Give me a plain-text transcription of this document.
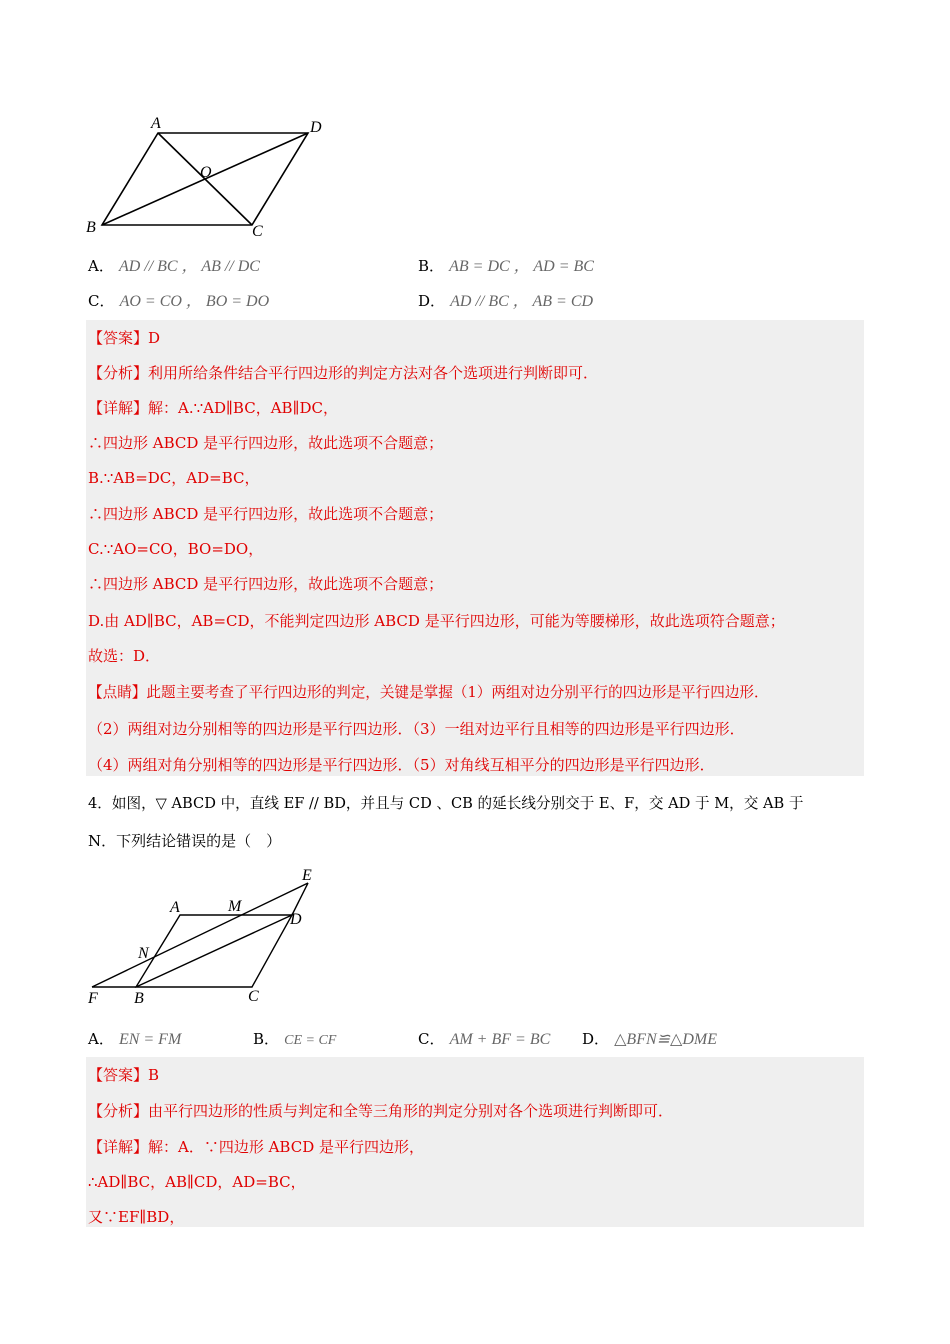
A	D
O
B	C
A． AD // BC ， AB // DC	B． AB = DC ， AD = BC
C． AO = CO ， BO = DO	D． AD // BC ， AB = CD
【答案】D
【分析】利用所给条件结合平行四边形的判定方法对各个选项进行判断即可．
【详解】解：A.∵AD∥BC，AB∥DC，
∴四边形 ABCD 是平行四边形，故此选项不合题意；
B.∵AB=DC，AD=BC，
∴四边形 ABCD 是平行四边形，故此选项不合题意；
C.∵AO=CO，BO=DO，
∴四边形 ABCD 是平行四边形，故此选项不合题意；
D.由 AD∥BC，AB=CD，不能判定四边形 ABCD 是平行四边形，可能为等腰梯形，故此选项符合题意；
故选：D．
【点睛】此题主要考查了平行四边形的判定，关键是掌握（1）两组对边分别平行的四边形是平行四边形．
（2）两组对边分别相等的四边形是平行四边形．（3）一组对边平行且相等的四边形是平行四边形．
（4）两组对角分别相等的四边形是平行四边形．（5）对角线互相平分的四边形是平行四边形．
4．如图，▽ ABCD 中，直线 EF // BD，并且与 CD 、CB 的延长线分别交于 E、F，交 AD 于 M，交 AB 于
N．下列结论错误的是（　）
E
A	M
D
N
F B	C
A． EN = FM	B． CE = CF	C． AM + BF = BC D． △BFN≌△DME
【答案】B
【分析】由平行四边形的性质与判定和全等三角形的判定分别对各个选项进行判断即可．
【详解】解：A．∵四边形 ABCD 是平行四边形，
∴AD∥BC，AB∥CD，AD=BC，
又∵EF∥BD，
